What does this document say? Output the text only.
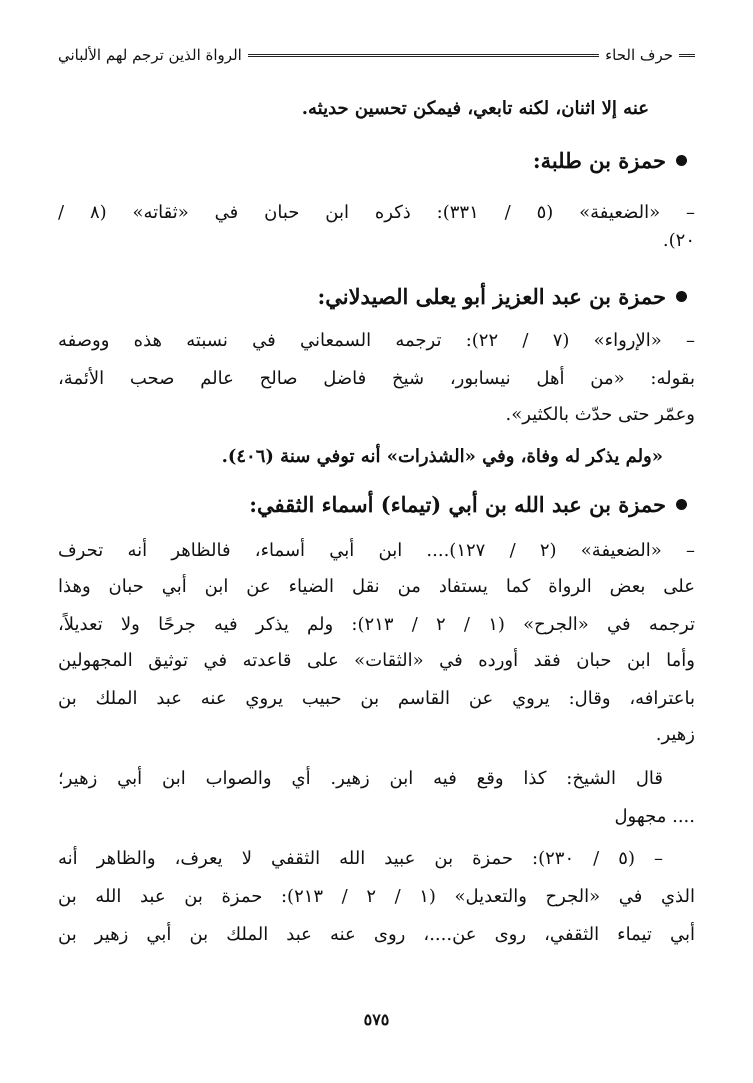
حرف الحاء
الرواة الذين ترجم لهم الألباني
عنه إلا اثنان، لكنه تابعي، فيمكن تحسين حديثه.
حمزة بن طلبة:
– «الضعيفة» (٥ / ٣٣١): ذكره ابن حبان في «ثقاته» (٨ /
٢٠).
حمزة بن عبد العزيز أبو يعلى الصيدلاني:
– «الإرواء» (٧ / ٢٢): ترجمه السمعاني في نسبته هذه ووصفه
بقوله: «من أهل نيسابور، شيخ فاضل صالح عالم صحب الأئمة،
وعمّر حتى حدّث بالكثير».
«ولم يذكر له وفاة، وفي «الشذرات» أنه توفي سنة (٤٠٦).
حمزة بن عبد الله بن أبي (تيماء) أسماء الثقفي:
– «الضعيفة» (٢ / ١٢٧).... ابن أبي أسماء، فالظاهر أنه تحرف
على بعض الرواة كما يستفاد من نقل الضياء عن ابن أبي حبان وهذا
ترجمه في «الجرح» (١ / ٢ / ٢١٣): ولم يذكر فيه جرحًا ولا تعديلاً،
وأما ابن حبان فقد أورده في «الثقات» على قاعدته في توثيق المجهولين
باعترافه، وقال: يروي عن القاسم بن حبيب يروي عنه عبد الملك بن
زهير.
قال الشيخ: كذا وقع فيه ابن زهير. أي والصواب ابن أبي زهير؛
.... مجهول
– (٥ / ٢٣٠): حمزة بن عبيد الله الثقفي لا يعرف، والظاهر أنه
الذي في «الجرح والتعديل» (١ / ٢ / ٢١٣): حمزة بن عبد الله بن
أبي تيماء الثقفي، روى عن....، روى عنه عبد الملك بن أبي زهير بن
٥٧٥
